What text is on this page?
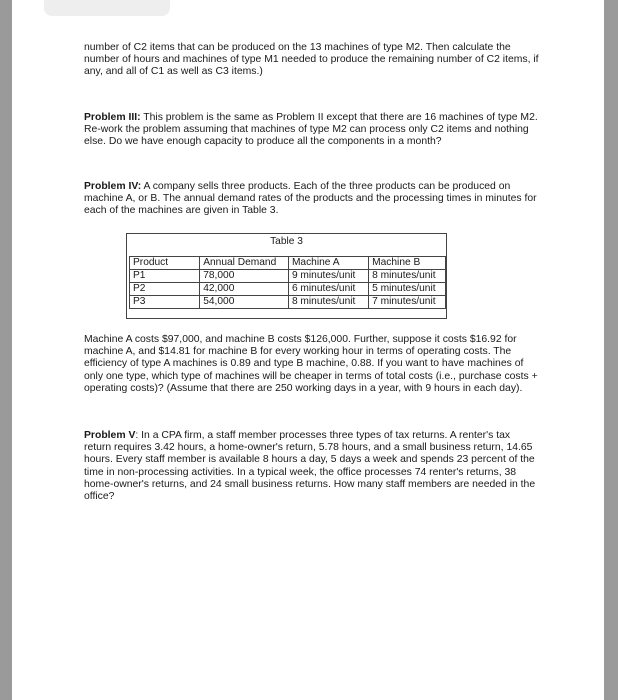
number of C2 items that can be produced on the 13 machines of type M2. Then calculate the number of hours and machines of type M1 needed to produce the remaining number of C2 items, if any, and all of C1 as well as C3 items.)

Problem III: This problem is the same as Problem II except that there are 16 machines of type M2. Re-work the problem assuming that machines of type M2 can process only C2 items and nothing else. Do we have enough capacity to produce all the components in a month?

Problem IV: A company sells three products. Each of the three products can be produced on machine A, or B. The annual demand rates of the products and the processing times in minutes for each of the machines are given in Table 3.

Table 3
Product	Annual Demand	Machine A	Machine B
P1	78,000	9 minutes/unit	8 minutes/unit
P2	42,000	6 minutes/unit	5 minutes/unit
P3	54,000	8 minutes/unit	7 minutes/unit

Machine A costs $97,000, and machine B costs $126,000. Further, suppose it costs $16.92 for machine A, and $14.81 for machine B for every working hour in terms of operating costs. The efficiency of type A machines is 0.89 and type B machine, 0.88. If you want to have machines of only one type, which type of machines will be cheaper in terms of total costs (i.e., purchase costs + operating costs)? (Assume that there are 250 working days in a year, with 9 hours in each day).

Problem V: In a CPA firm, a staff member processes three types of tax returns. A renter's tax return requires 3.42 hours, a home-owner's return, 5.78 hours, and a small business return, 14.65 hours. Every staff member is available 8 hours a day, 5 days a week and spends 23 percent of the time in non-processing activities. In a typical week, the office processes 74 renter's returns, 38 home-owner's returns, and 24 small business returns. How many staff members are needed in the office?
